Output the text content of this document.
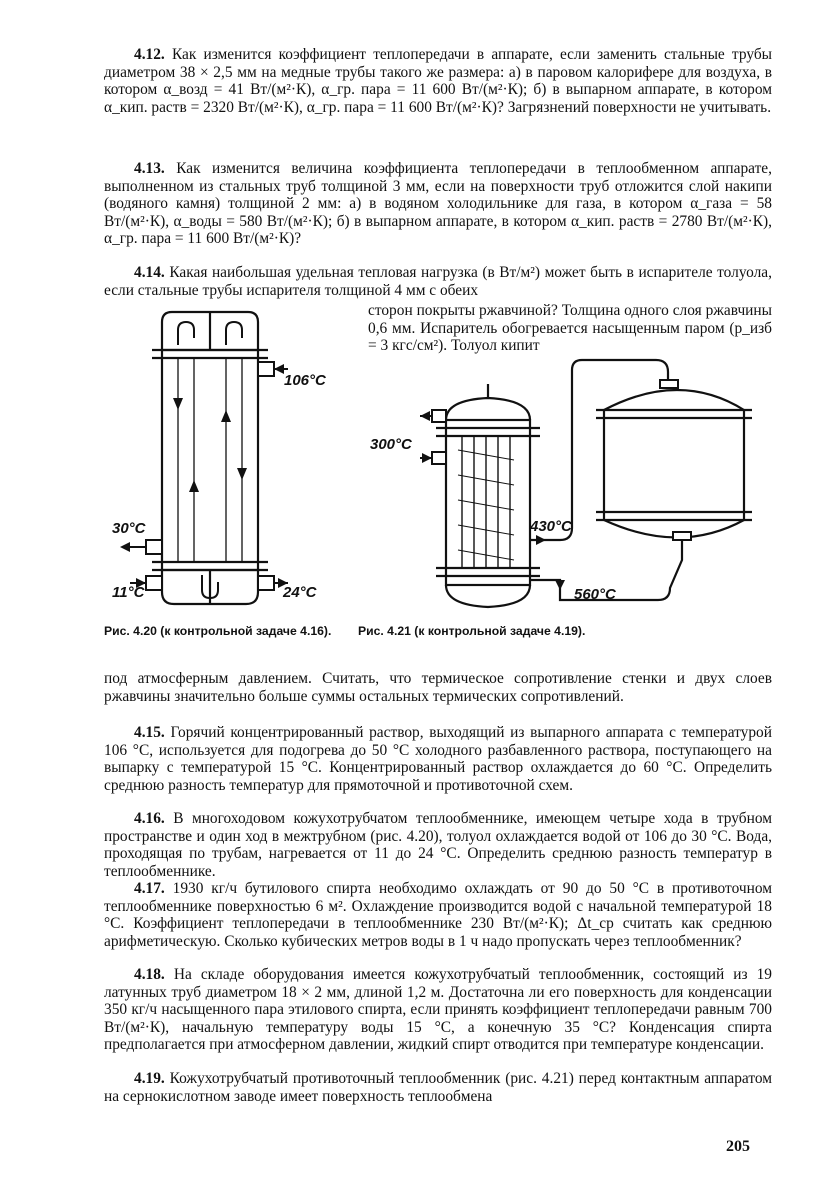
4.12. Как изменится коэффициент теплопередачи в аппарате, если заменить стальные трубы диаметром 38 × 2,5 мм на медные трубы такого же размера: а) в паровом калорифере для воздуха, в котором α_возд = 41 Вт/(м²·К), α_гр. пара = 11 600 Вт/(м²·К); б) в выпарном аппарате, в котором α_кип. раств = 2320 Вт/(м²·К), α_гр. пара = 11 600 Вт/(м²·К)? Загрязнений поверхности не учитывать.

4.13. Как изменится величина коэффициента теплопередачи в теплообменном аппарате, выполненном из стальных труб толщиной 3 мм, если на поверхности труб отложится слой накипи (водяного камня) толщиной 2 мм: а) в водяном холодильнике для газа, в котором α_газа = 58 Вт/(м²·К), α_воды = 580 Вт/(м²·К); б) в выпарном аппарате, в котором α_кип. раств = 2780 Вт/(м²·К), α_гр. пара = 11 600 Вт/(м²·К)?

4.14. Какая наибольшая удельная тепловая нагрузка (в Вт/м²) может быть в испарителе толуола, если стальные трубы испарителя толщиной 4 мм с обеих

сторон покрыты ржавчиной? Толщина одного слоя ржавчины 0,6 мм. Испаритель обогревается насыщенным паром (p_изб = 3 кгс/см²). Толуол кипит

под атмосферным давлением. Считать, что термическое сопротивление стенки и двух слоев ржавчины значительно больше суммы остальных термических сопротивлений.

4.15. Горячий концентрированный раствор, выходящий из выпарного аппарата с температурой 106 °С, используется для подогрева до 50 °С холодного разбавленного раствора, поступающего на выпарку с температурой 15 °С. Концентрированный раствор охлаждается до 60 °С. Определить среднюю разность температур для прямоточной и противоточной схем.

4.16. В многоходовом кожухотрубчатом теплообменнике, имеющем четыре хода в трубном пространстве и один ход в межтрубном (рис. 4.20), толуол охлаждается водой от 106 до 30 °С. Вода, проходящая по трубам, нагревается от 11 до 24 °С. Определить среднюю разность температур в теплообменнике.

4.17. 1930 кг/ч бутилового спирта необходимо охлаждать от 90 до 50 °С в противоточном теплообменнике поверхностью 6 м². Охлаждение производится водой с начальной температурой 18 °С. Коэффициент теплопередачи в теплообменнике 230 Вт/(м²·К); Δt_ср считать как среднюю арифметическую. Сколько кубических метров воды в 1 ч надо пропускать через теплообменник?

4.18. На складе оборудования имеется кожухотрубчатый теплообменник, состоящий из 19 латунных труб диаметром 18 × 2 мм, длиной 1,2 м. Достаточна ли его поверхность для конденсации 350 кг/ч насыщенного пара этилового спирта, если принять коэффициент теплопередачи равным 700 Вт/(м²·К), начальную температуру воды 15 °С, а конечную 35 °С? Конденсация спирта предполагается при атмосферном давлении, жидкий спирт отводится при температуре конденсации.

4.19. Кожухотрубчатый противоточный теплообменник (рис. 4.21) перед контактным аппаратом на сернокислотном заводе имеет поверхность теплообмена

106°C
30°C
11°C	24°C
Рис. 4.20 (к контрольной задаче 4.16).
300°C
430°C
560°C
Рис. 4.21 (к контрольной задаче 4.19).
205
